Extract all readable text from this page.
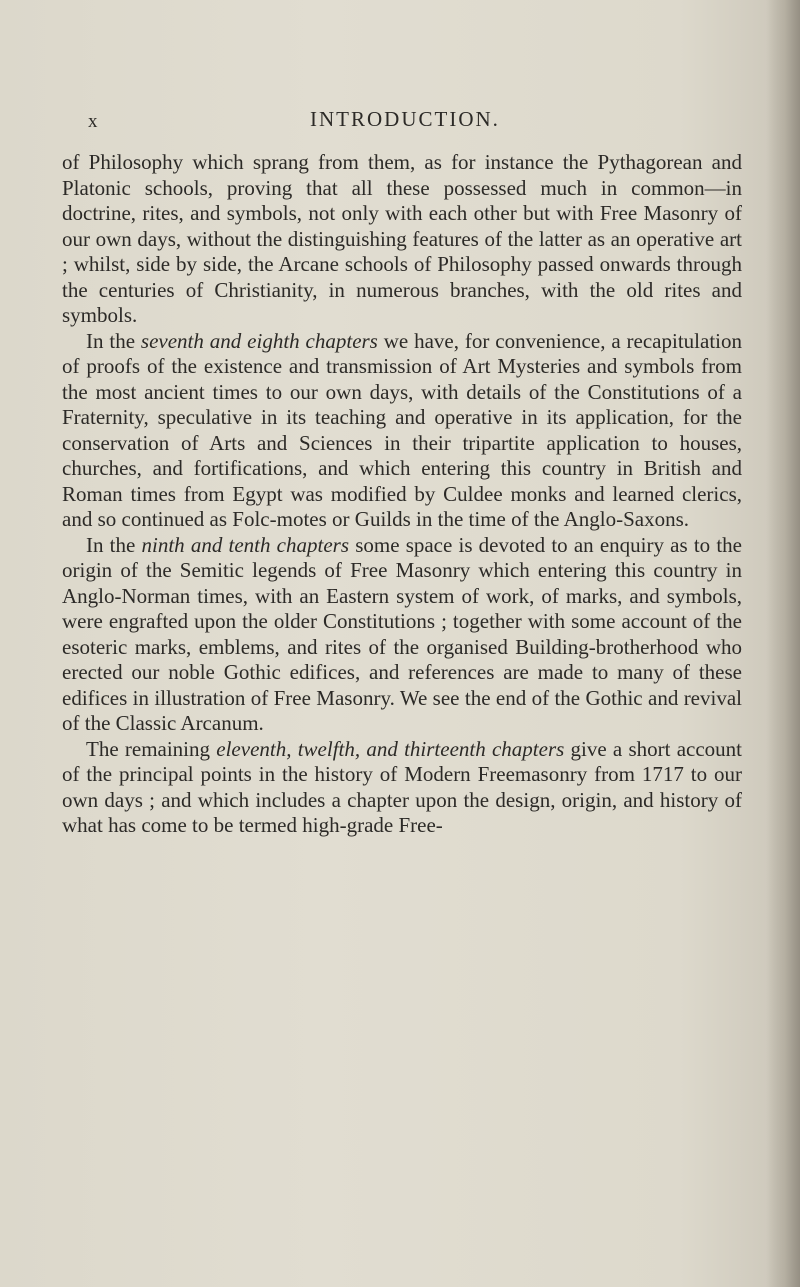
x	INTRODUCTION.

of Philosophy which sprang from them, as for instance the Pythagorean and Platonic schools, proving that all these possessed much in common—in doctrine, rites, and symbols, not only with each other but with Free Masonry of our own days, without the distinguishing features of the latter as an operative art ; whilst, side by side, the Arcane schools of Philosophy passed onwards through the centuries of Christianity, in numerous branches, with the old rites and symbols.

In the seventh and eighth chapters we have, for convenience, a recapitulation of proofs of the existence and transmission of Art Mysteries and symbols from the most ancient times to our own days, with details of the Constitutions of a Fraternity, speculative in its teaching and operative in its application, for the conservation of Arts and Sciences in their tripartite application to houses, churches, and fortifications, and which entering this country in British and Roman times from Egypt was modified by Culdee monks and learned clerics, and so continued as Folc-motes or Guilds in the time of the Anglo-Saxons.

In the ninth and tenth chapters some space is devoted to an enquiry as to the origin of the Semitic legends of Free Masonry which entering this country in Anglo-Norman times, with an Eastern system of work, of marks, and symbols, were engrafted upon the older Constitutions ; together with some account of the esoteric marks, emblems, and rites of the organised Building-brotherhood who erected our noble Gothic edifices, and references are made to many of these edifices in illustration of Free Masonry. We see the end of the Gothic and revival of the Classic Arcanum.

The remaining eleventh, twelfth, and thirteenth chapters give a short account of the principal points in the history of Modern Freemasonry from 1717 to our own days ; and which includes a chapter upon the design, origin, and history of what has come to be termed high-grade Free-
